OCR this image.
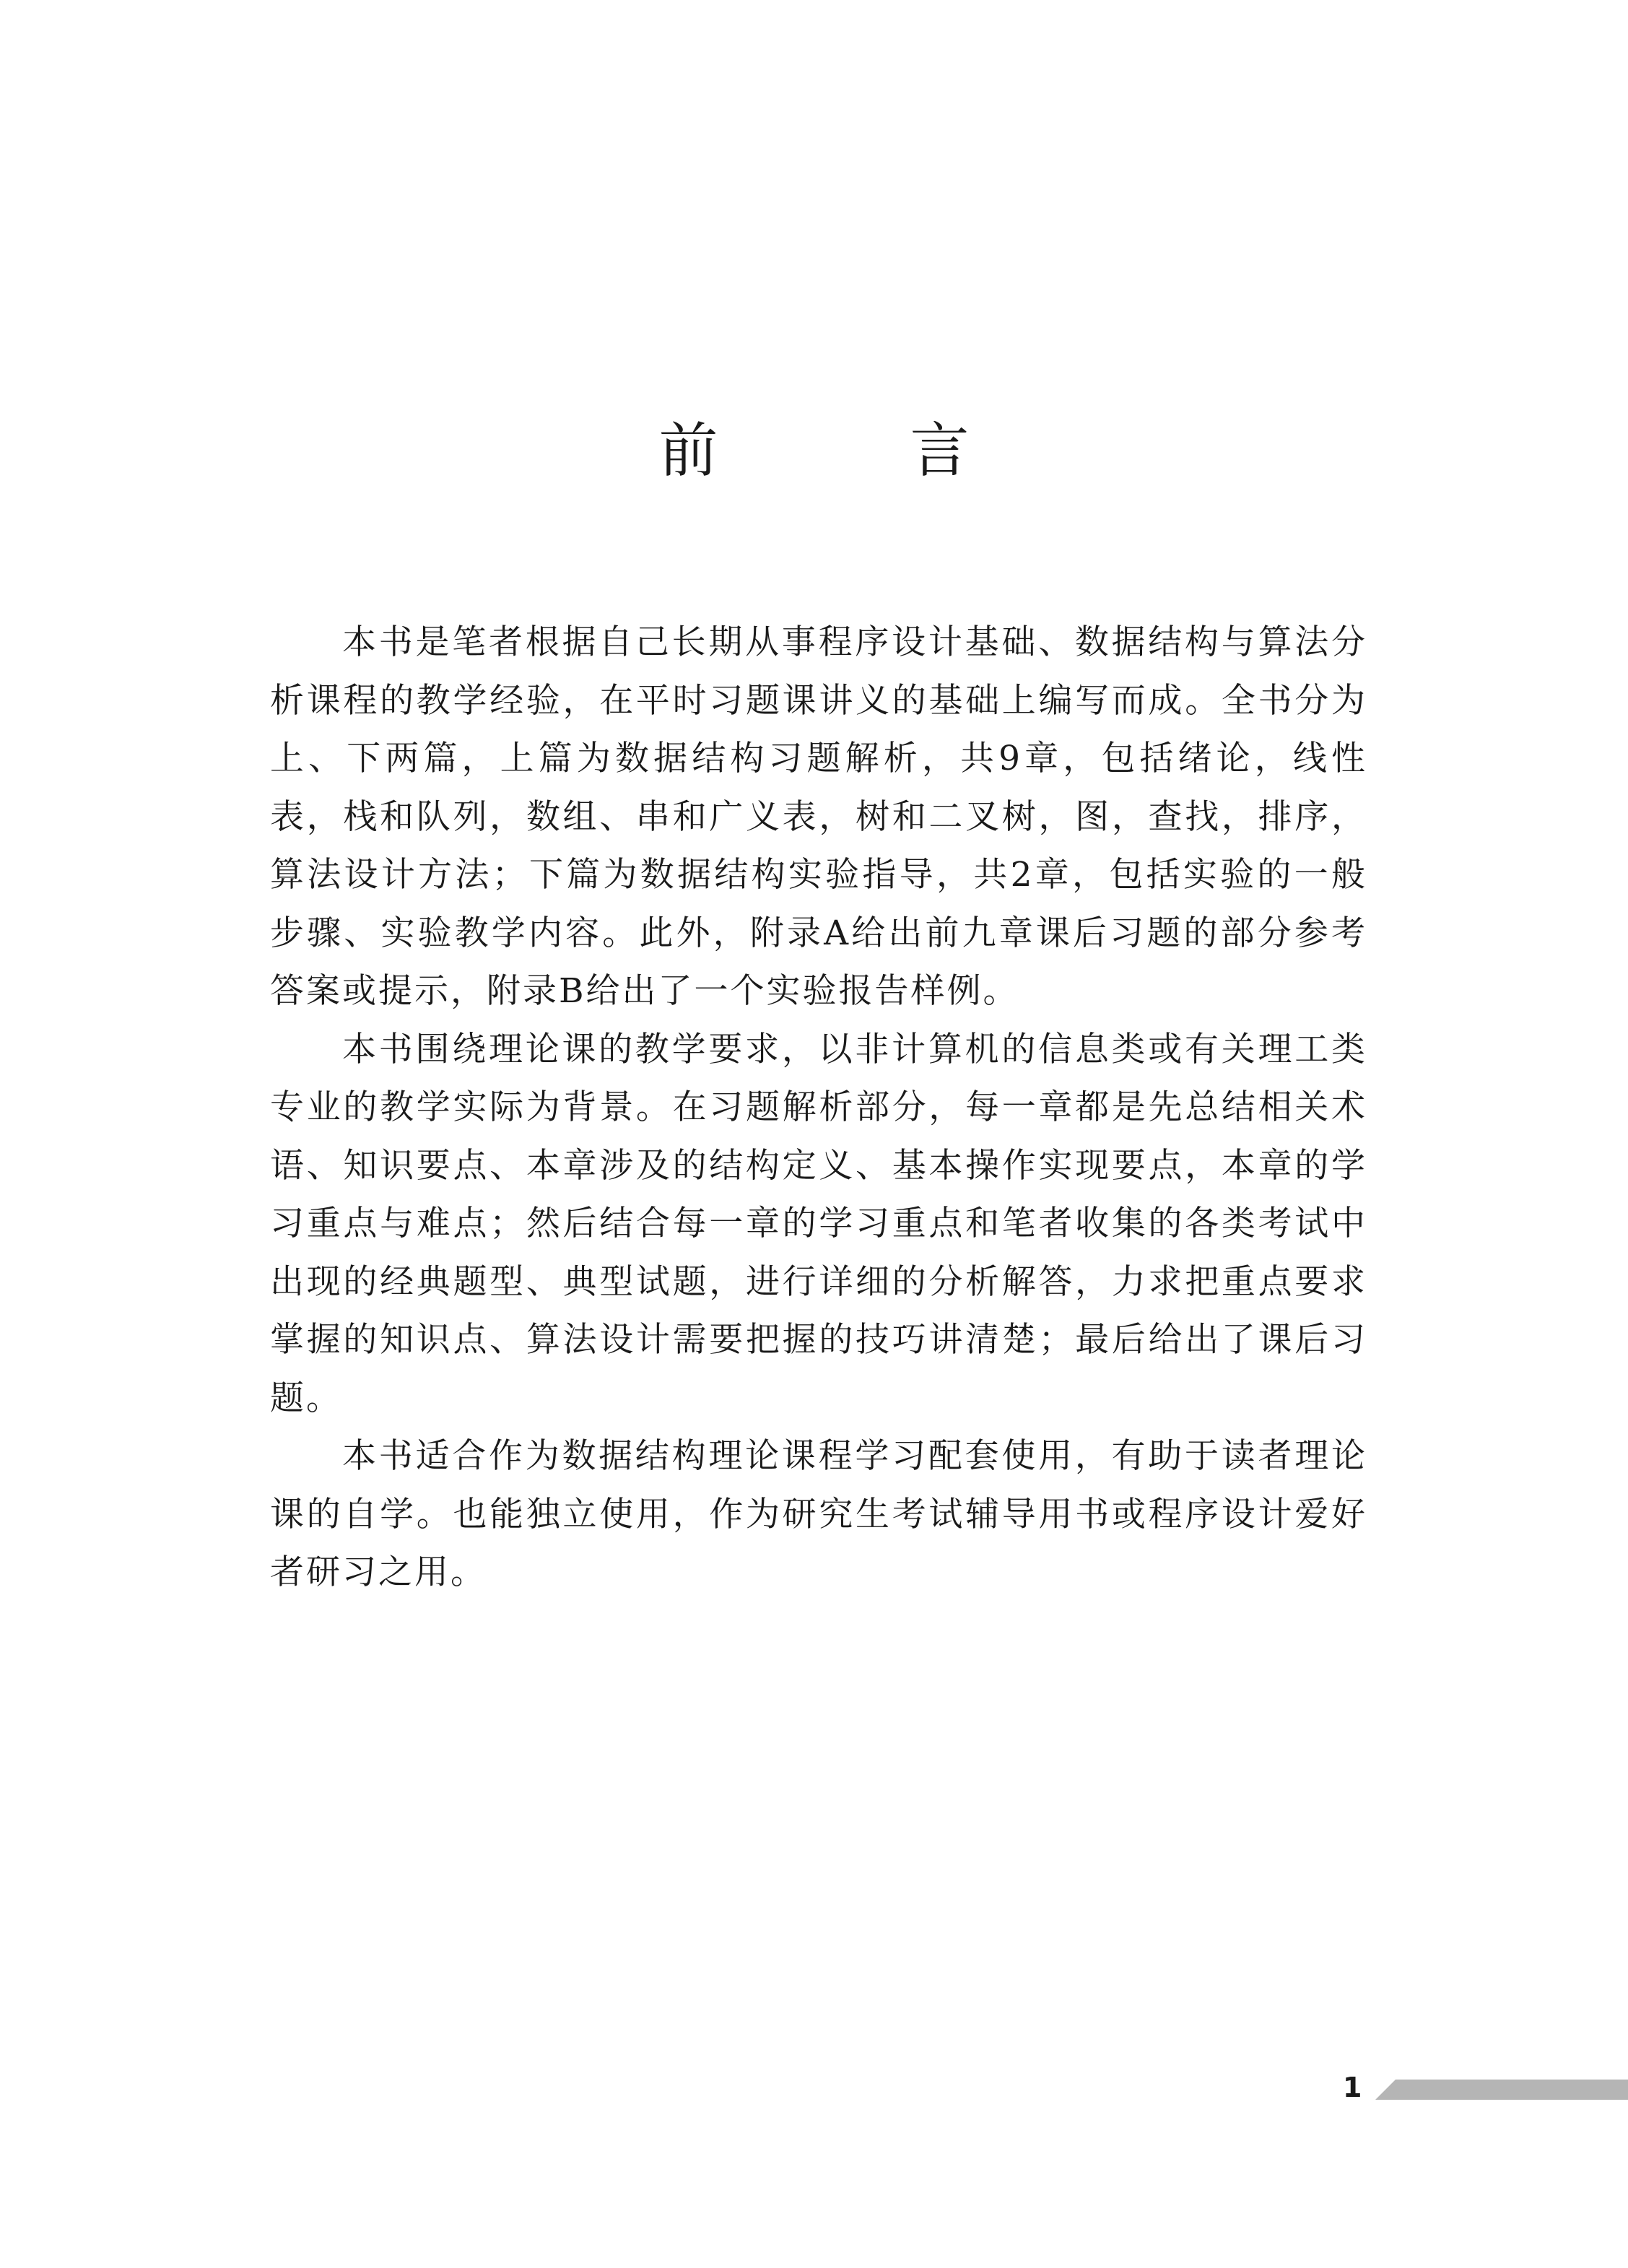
前　言

本书是笔者根据自己长期从事程序设计基础、数据结构与算法分析课程的教学经验，在平时习题课讲义的基础上编写而成。全书分为上、下两篇，上篇为数据结构习题解析，共9章，包括绪论，线性表，栈和队列，数组、串和广义表，树和二叉树，图，查找，排序，算法设计方法；下篇为数据结构实验指导，共2章，包括实验的一般步骤、实验教学内容。此外，附录A给出前九章课后习题的部分参考答案或提示，附录B给出了一个实验报告样例。

本书围绕理论课的教学要求，以非计算机的信息类或有关理工类专业的教学实际为背景。在习题解析部分，每一章都是先总结相关术语、知识要点、本章涉及的结构定义、基本操作实现要点，本章的学习重点与难点；然后结合每一章的学习重点和笔者收集的各类考试中出现的经典题型、典型试题，进行详细的分析解答，力求把重点要求掌握的知识点、算法设计需要把握的技巧讲清楚；最后给出了课后习题。

本书适合作为数据结构理论课程学习配套使用，有助于读者理论课的自学。也能独立使用，作为研究生考试辅导用书或程序设计爱好者研习之用。

1
